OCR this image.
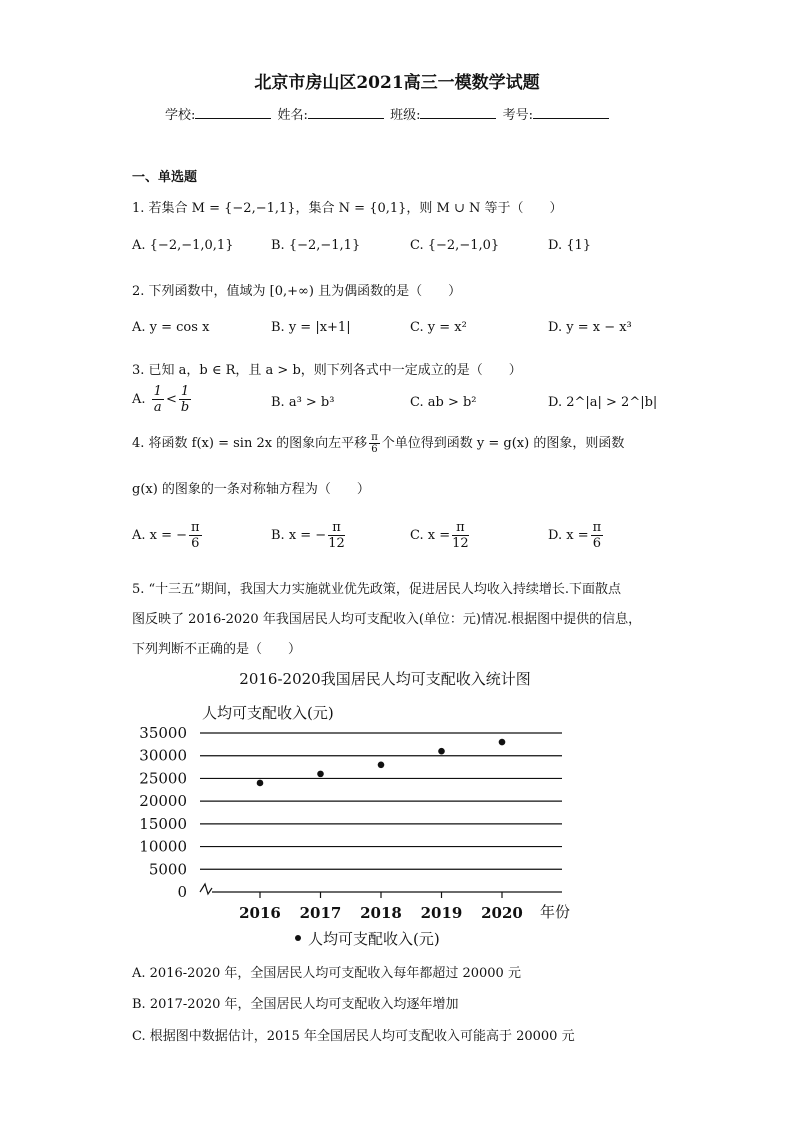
北京市房山区2021高三一模数学试题
学校:	姓名:	班级:	考号:
一、单选题
1. 若集合 M = {−2,−1,1}，集合 N = {0,1}，则 M ∪ N 等于（　　）
A. {−2,−1,0,1}	B. {−2,−1,1}	C. {−2,−1,0}	D. {1}
2. 下列函数中，值域为 [0,+∞) 且为偶函数的是（　　）
A. y = cos x	B. y = |x+1|	C. y = x²	D. y = x − x³
3. 已知 a，b ∈ R，且 a > b，则下列各式中一定成立的是（　　）
A. $\frac{1}{a} < \frac{1}{b}$	B. a³ > b³	C. ab > b²	D. 2^|a| > 2^|b|
4. 将函数 f(x) = sin 2x 的图象向左平移 $\frac{\pi}{6}$ 个单位得到函数 y = g(x) 的图象，则函数
g(x) 的图象的一条对称轴方程为（　　）
A. x = − $\frac{\pi}{6}$	B. x = − $\frac{\pi}{12}$	C. $x = \frac{\pi}{12}$	D. $x = \frac{\pi}{6}$
5. “十三五”期间，我国大力实施就业优先政策，促进居民人均收入持续增长.下面散点
图反映了 2016-2020 年我国居民人均可支配收入(单位：元)情况.根据图中提供的信息，
下列判断不正确的是（　　）
2016-2020我国居民人均可支配收入统计图
人均可支配收入(元)
0
5000
10000
15000
20000
25000
30000
35000
2016 2017 2018 2019 2020 年份
人均可支配收入(元)
A. 2016-2020 年，全国居民人均可支配收入每年都超过 20000 元
B. 2017-2020 年，全国居民人均可支配收入均逐年增加
C. 根据图中数据估计，2015 年全国居民人均可支配收入可能高于 20000 元
